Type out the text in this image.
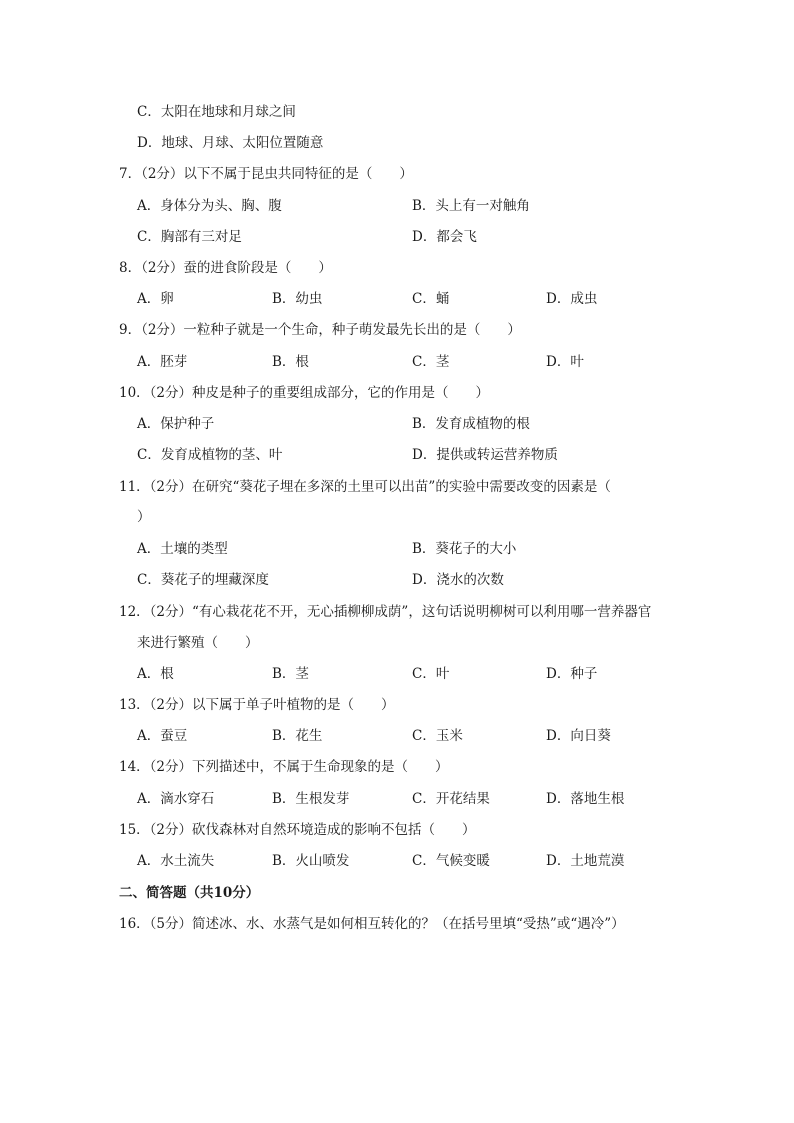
C．太阳在地球和月球之间
D．地球、月球、太阳位置随意
7．（2分）以下不属于昆虫共同特征的是（　　）
A．身体分为头、胸、腹	B．头上有一对触角
C．胸部有三对足	D．都会飞
8．（2分）蚕的进食阶段是（　　）
A．卵	B．幼虫	C．蛹	D．成虫
9．（2分）一粒种子就是一个生命，种子萌发最先长出的是（　　）
A．胚芽	B．根	C．茎	D．叶
10．（2分）种皮是种子的重要组成部分，它的作用是（　　）
A．保护种子	B．发育成植物的根
C．发育成植物的茎、叶	D．提供或转运营养物质
11．（2分）在研究“葵花子埋在多深的土里可以出苗”的实验中需要改变的因素是（
）
A．土壤的类型	B．葵花子的大小
C．葵花子的埋藏深度	D．浇水的次数
12．（2分）“有心栽花花不开，无心插柳柳成荫”，这句话说明柳树可以利用哪一营养器官
来进行繁殖（　　）
A．根	B．茎	C．叶	D．种子
13．（2分）以下属于单子叶植物的是（　　）
A．蚕豆	B．花生	C．玉米	D．向日葵
14．（2分）下列描述中，不属于生命现象的是（　　）
A．滴水穿石	B．生根发芽	C．开花结果	D．落地生根
15．（2分）砍伐森林对自然环境造成的影响不包括（　　）
A．水土流失	B．火山喷发	C．气候变暖	D．土地荒漠
二、简答题（共10分）
16．（5分）简述冰、水、水蒸气是如何相互转化的？（在括号里填“受热”或“遇冷”）
